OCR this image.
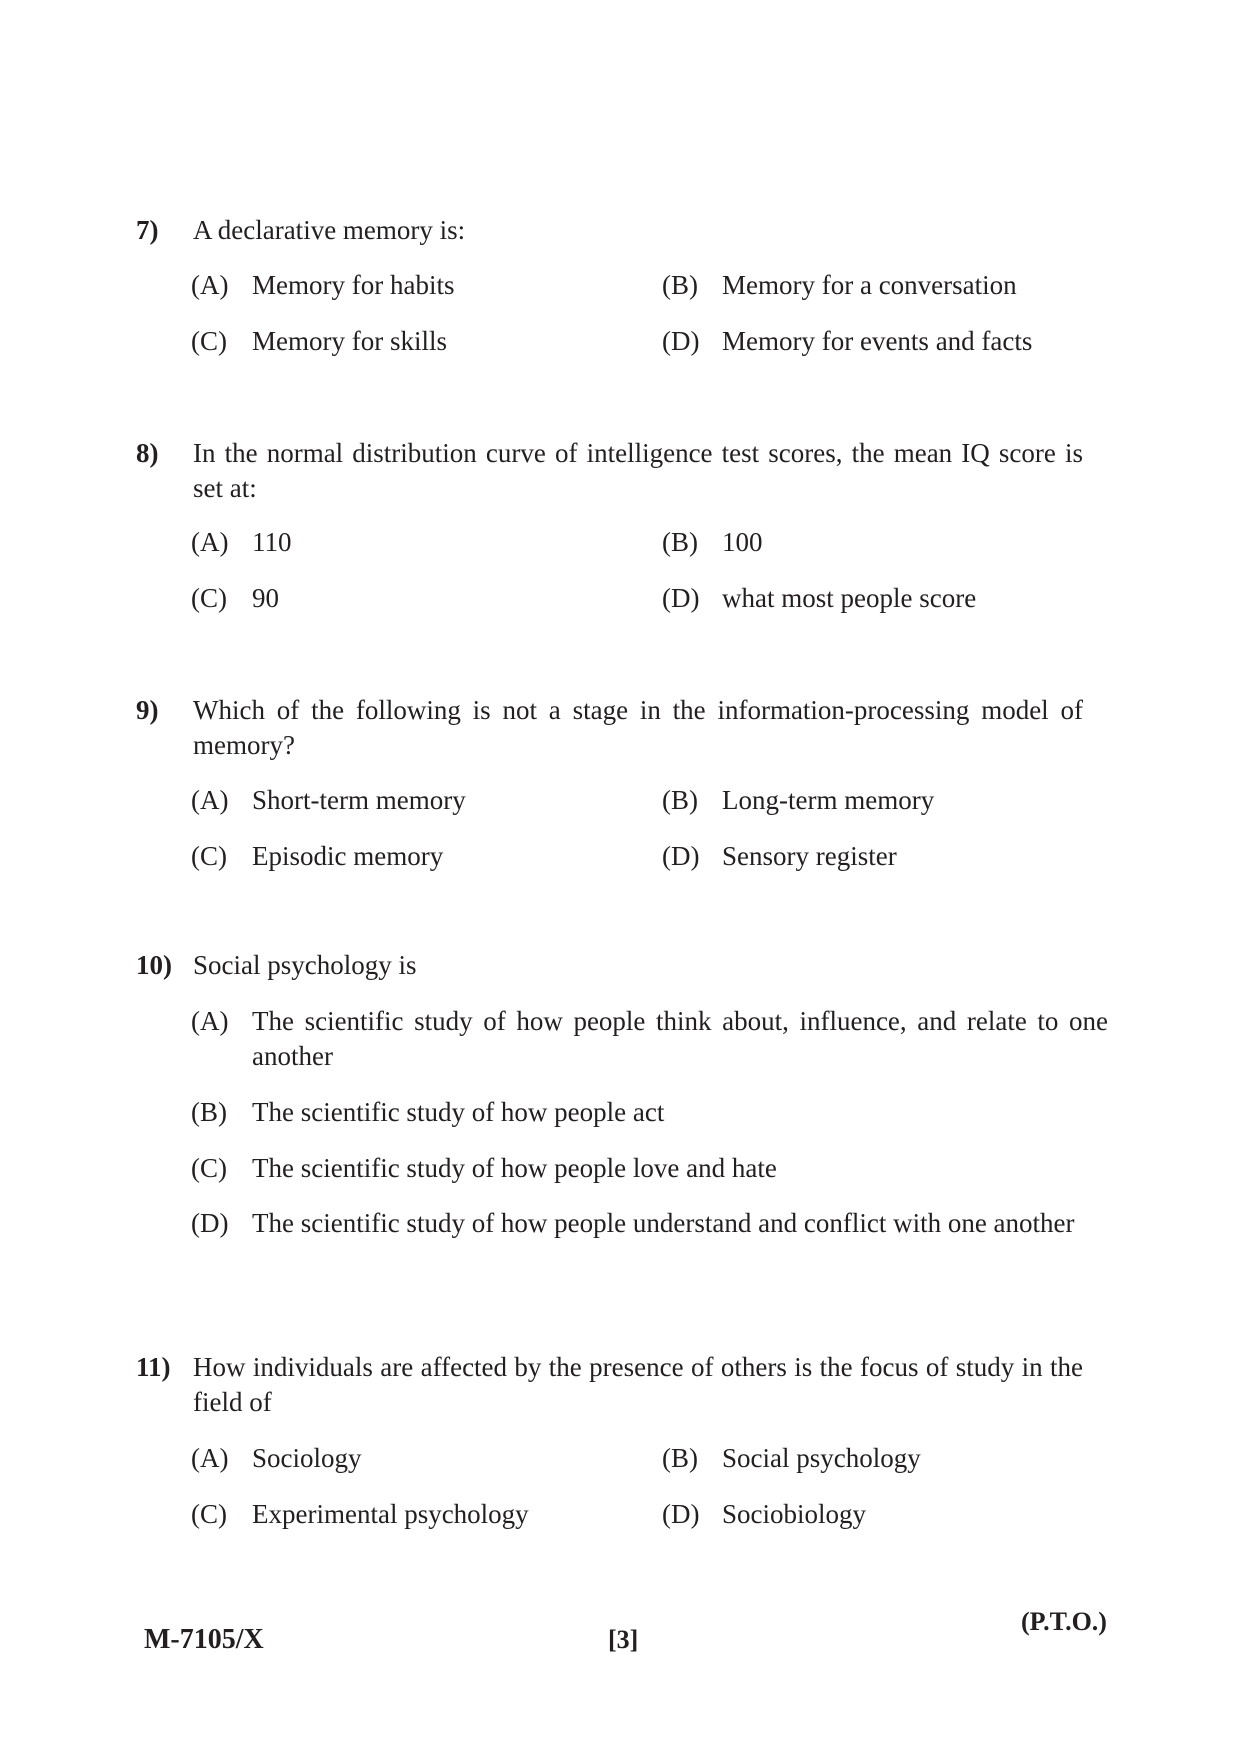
7) A declarative memory is:
(A) Memory for habits	(B) Memory for a conversation
(C) Memory for skills	(D) Memory for events and facts
8) In the normal distribution curve of intelligence test scores, the mean IQ score is set at:
(A) 110	(B) 100
(C) 90	(D) what most people score
9) Which of the following is not a stage in the information-processing model of memory?
(A) Short-term memory	(B) Long-term memory
(C) Episodic memory	(D) Sensory register
10) Social psychology is
(A) The scientific study of how people think about, influence, and relate to one another
(B) The scientific study of how people act
(C) The scientific study of how people love and hate
(D) The scientific study of how people understand and conflict with one another
11) How individuals are affected by the presence of others is the focus of study in the field of
(A) Sociology	(B) Social psychology
(C) Experimental psychology	(D) Sociobiology
M-7105/X	[3]
(P.T.O.)
